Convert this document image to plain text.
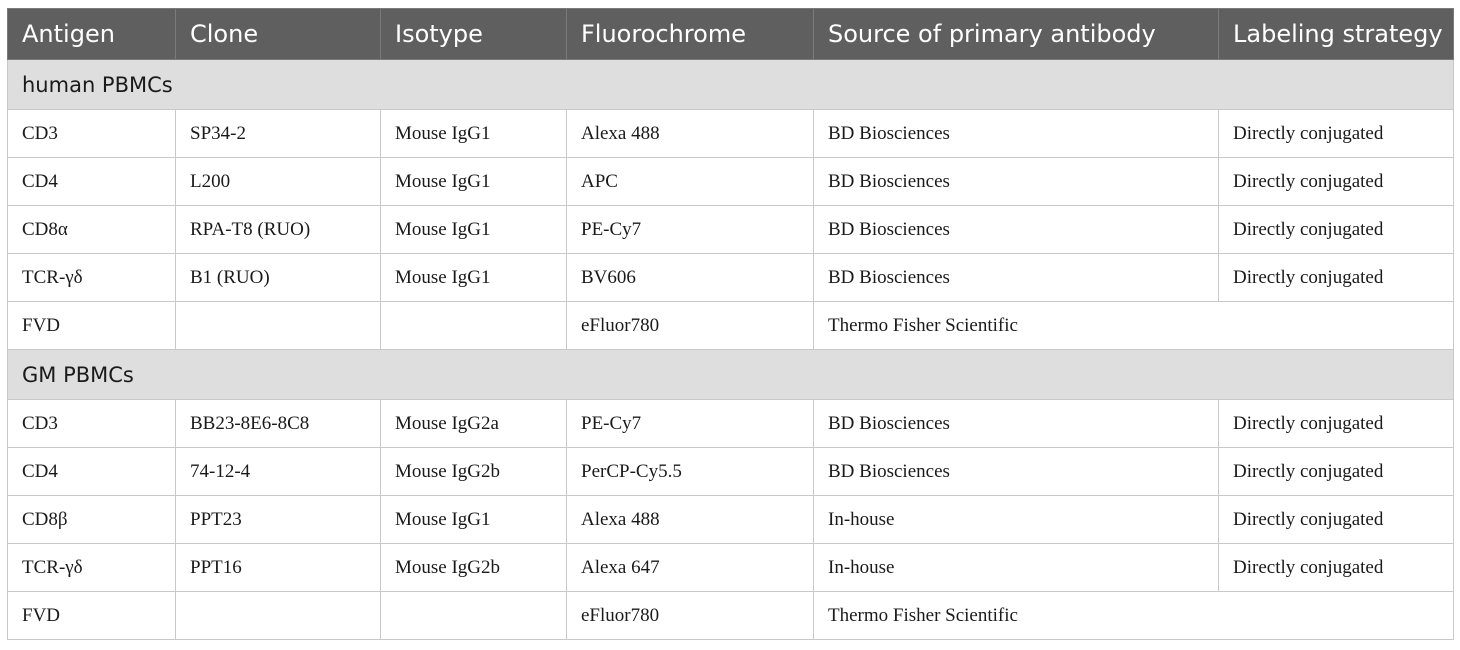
Antigen	Clone	Isotype	Fluorochrome	Source of primary antibody	Labeling strategy
human PBMCs					
CD3	SP34-2	Mouse IgG1	Alexa 488	BD Biosciences	Directly conjugated
CD4	L200	Mouse IgG1	APC	BD Biosciences	Directly conjugated
CD8α	RPA-T8 (RUO)	Mouse IgG1	PE-Cy7	BD Biosciences	Directly conjugated
TCR-γδ	B1 (RUO)	Mouse IgG1	BV606	BD Biosciences	Directly conjugated
FVD			eFluor780	Thermo Fisher Scientific	
GM PBMCs					
CD3	BB23-8E6-8C8	Mouse IgG2a	PE-Cy7	BD Biosciences	Directly conjugated
CD4	74-12-4	Mouse IgG2b	PerCP-Cy5.5	BD Biosciences	Directly conjugated
CD8β	PPT23	Mouse IgG1	Alexa 488	In-house	Directly conjugated
TCR-γδ	PPT16	Mouse IgG2b	Alexa 647	In-house	Directly conjugated
FVD			eFluor780	Thermo Fisher Scientific	
